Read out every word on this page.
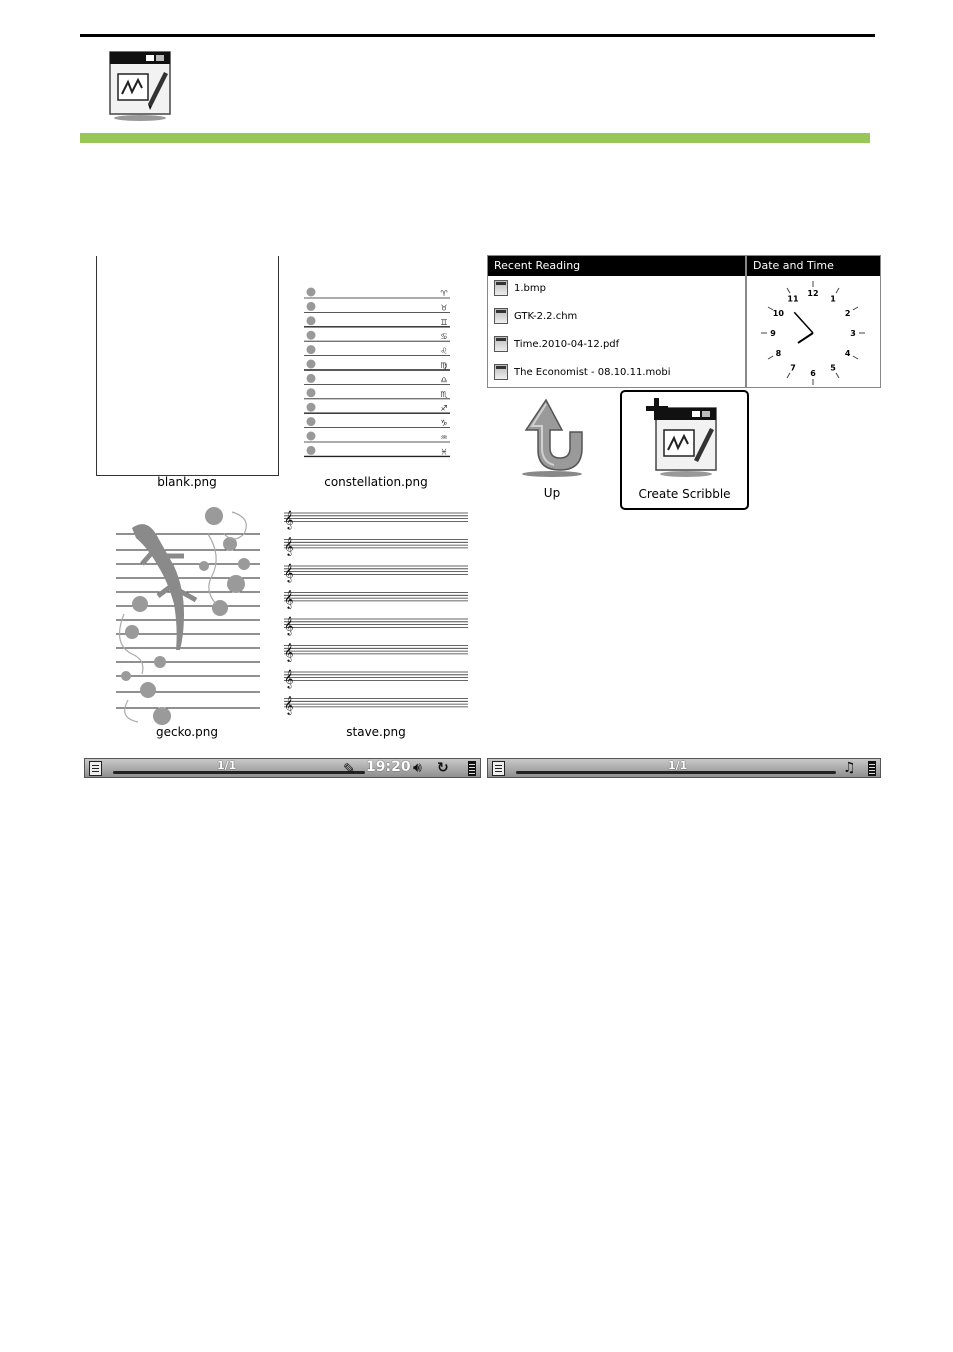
blank.png
♈
♉
♊
♋
♌
♍
♎
♏
♐
♑
♒
♓
constellation.png
gecko.png
𝄞
𝄞
𝄞
𝄞
𝄞
𝄞
𝄞
𝄞
stave.png
1/1	✎ 19:20 🔊︎ ↻
Recent Reading
1.bmp
GTK-2.2.chm
Time.2010-04-12.pdf
The Economist - 08.10.11.mobi
Date and Time
12
1
2
3
4
5
6
7
8
9
10
11
Up	Create Scribble
1/1	♫
